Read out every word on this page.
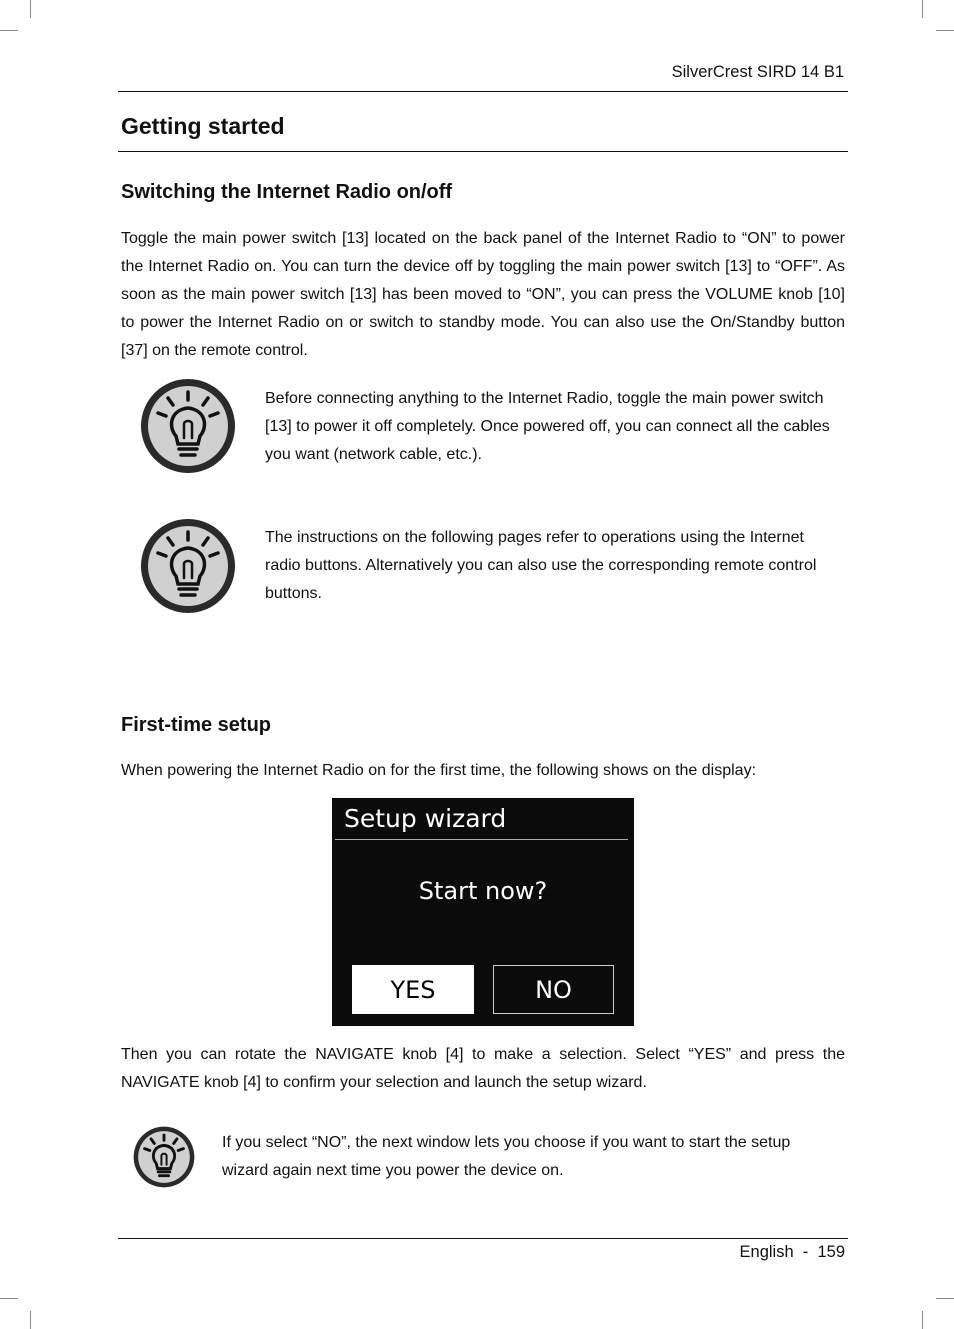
SilverCrest SIRD 14 B1
Getting started
Switching the Internet Radio on/off
Toggle the main power switch [13] located on the back panel of the Internet Radio to “ON” to power the Internet Radio on. You can turn the device off by toggling the main power switch [13] to “OFF”. As soon as the main power switch [13] has been moved to “ON”, you can press the VOLUME knob [10] to power the Internet Radio on or switch to standby mode. You can also use the On/Standby button [37] on the remote control.
Before connecting anything to the Internet Radio, toggle the main power switch [13] to power it off completely. Once powered off, you can connect all the cables you want (network cable, etc.).
The instructions on the following pages refer to operations using the Internet radio buttons. Alternatively you can also use the corresponding remote control buttons.
First-time setup
When powering the Internet Radio on for the first time, the following shows on the display:
Setup wizard
Start now?
YES	NO
Then you can rotate the NAVIGATE knob [4] to make a selection. Select “YES” and press the NAVIGATE knob [4] to confirm your selection and launch the setup wizard.
If you select “NO”, the next window lets you choose if you want to start the setup wizard again next time you power the device on.
English  -  159
